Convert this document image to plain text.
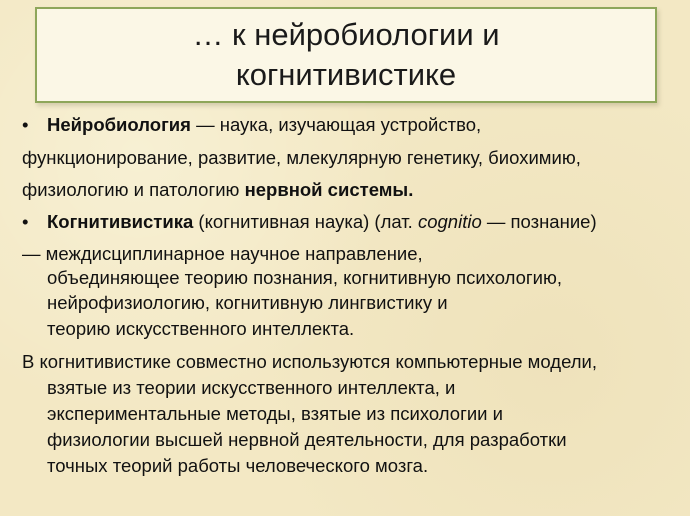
… к нейробиологии и
когнитивистике
• Нейробиология — наука, изучающая устройство,
функционирование, развитие, млекулярную генетику, биохимию,
физиологию и патологию нервной системы.
• Когнитивистика (когнитивная наука) (лат. cognitio — познание)
— междисциплинарное научное направление,
объединяющее теорию познания, когнитивную психологию,
нейрофизиологию, когнитивную лингвистику и
теорию искусственного интеллекта.
В когнитивистике совместно используются компьютерные модели,
взятые из теории искусственного интеллекта, и
экспериментальные методы, взятые из психологии и
физиологии высшей нервной деятельности, для разработки
точных теорий работы человеческого мозга.
